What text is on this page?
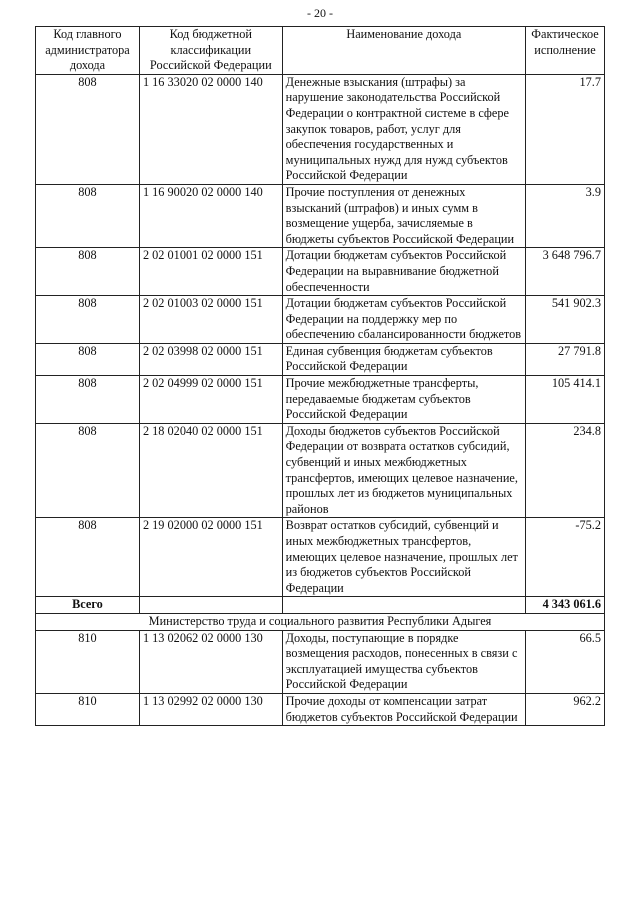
- 20 -
Код главного администратора дохода	Код бюджетной классификации Российской Федерации	Наименование дохода	Фактическое исполнение
808	1 16 33020 02 0000 140	Денежные взыскания (штрафы) за нарушение законодательства Российской Федерации о контрактной системе в сфере закупок товаров, работ, услуг для обеспечения государственных и муниципальных нужд для нужд субъектов Российской Федерации	17.7
808	1 16 90020 02 0000 140	Прочие поступления от денежных взысканий (штрафов) и иных сумм в возмещение ущерба, зачисляемые в бюджеты субъектов Российской Федерации	3.9
808	2 02 01001 02 0000 151	Дотации бюджетам субъектов Российской Федерации на выравнивание бюджетной обеспеченности	3 648 796.7
808	2 02 01003 02 0000 151	Дотации бюджетам субъектов Российской Федерации на поддержку мер по обеспечению сбалансированности бюджетов	541 902.3
808	2 02 03998 02 0000 151	Единая субвенция бюджетам субъектов Российской Федерации	27 791.8
808	2 02 04999 02 0000 151	Прочие межбюджетные трансферты, передаваемые бюджетам субъектов Российской Федерации	105 414.1
808	2 18 02040 02 0000 151	Доходы бюджетов субъектов Российской Федерации от возврата остатков субсидий, субвенций и иных межбюджетных трансфертов, имеющих целевое назначение, прошлых лет из бюджетов муниципальных районов	234.8
808	2 19 02000 02 0000 151	Возврат остатков субсидий, субвенций и иных межбюджетных трансфертов, имеющих целевое назначение, прошлых лет из бюджетов субъектов Российской Федерации	-75.2
Всего			4 343 061.6
Министерство труда и социального развития Республики Адыгея			
810	1 13 02062 02 0000 130	Доходы, поступающие в порядке возмещения расходов, понесенных в связи с эксплуатацией имущества субъектов Российской Федерации	66.5
810	1 13 02992 02 0000 130	Прочие доходы от компенсации затрат бюджетов субъектов Российской Федерации	962.2
